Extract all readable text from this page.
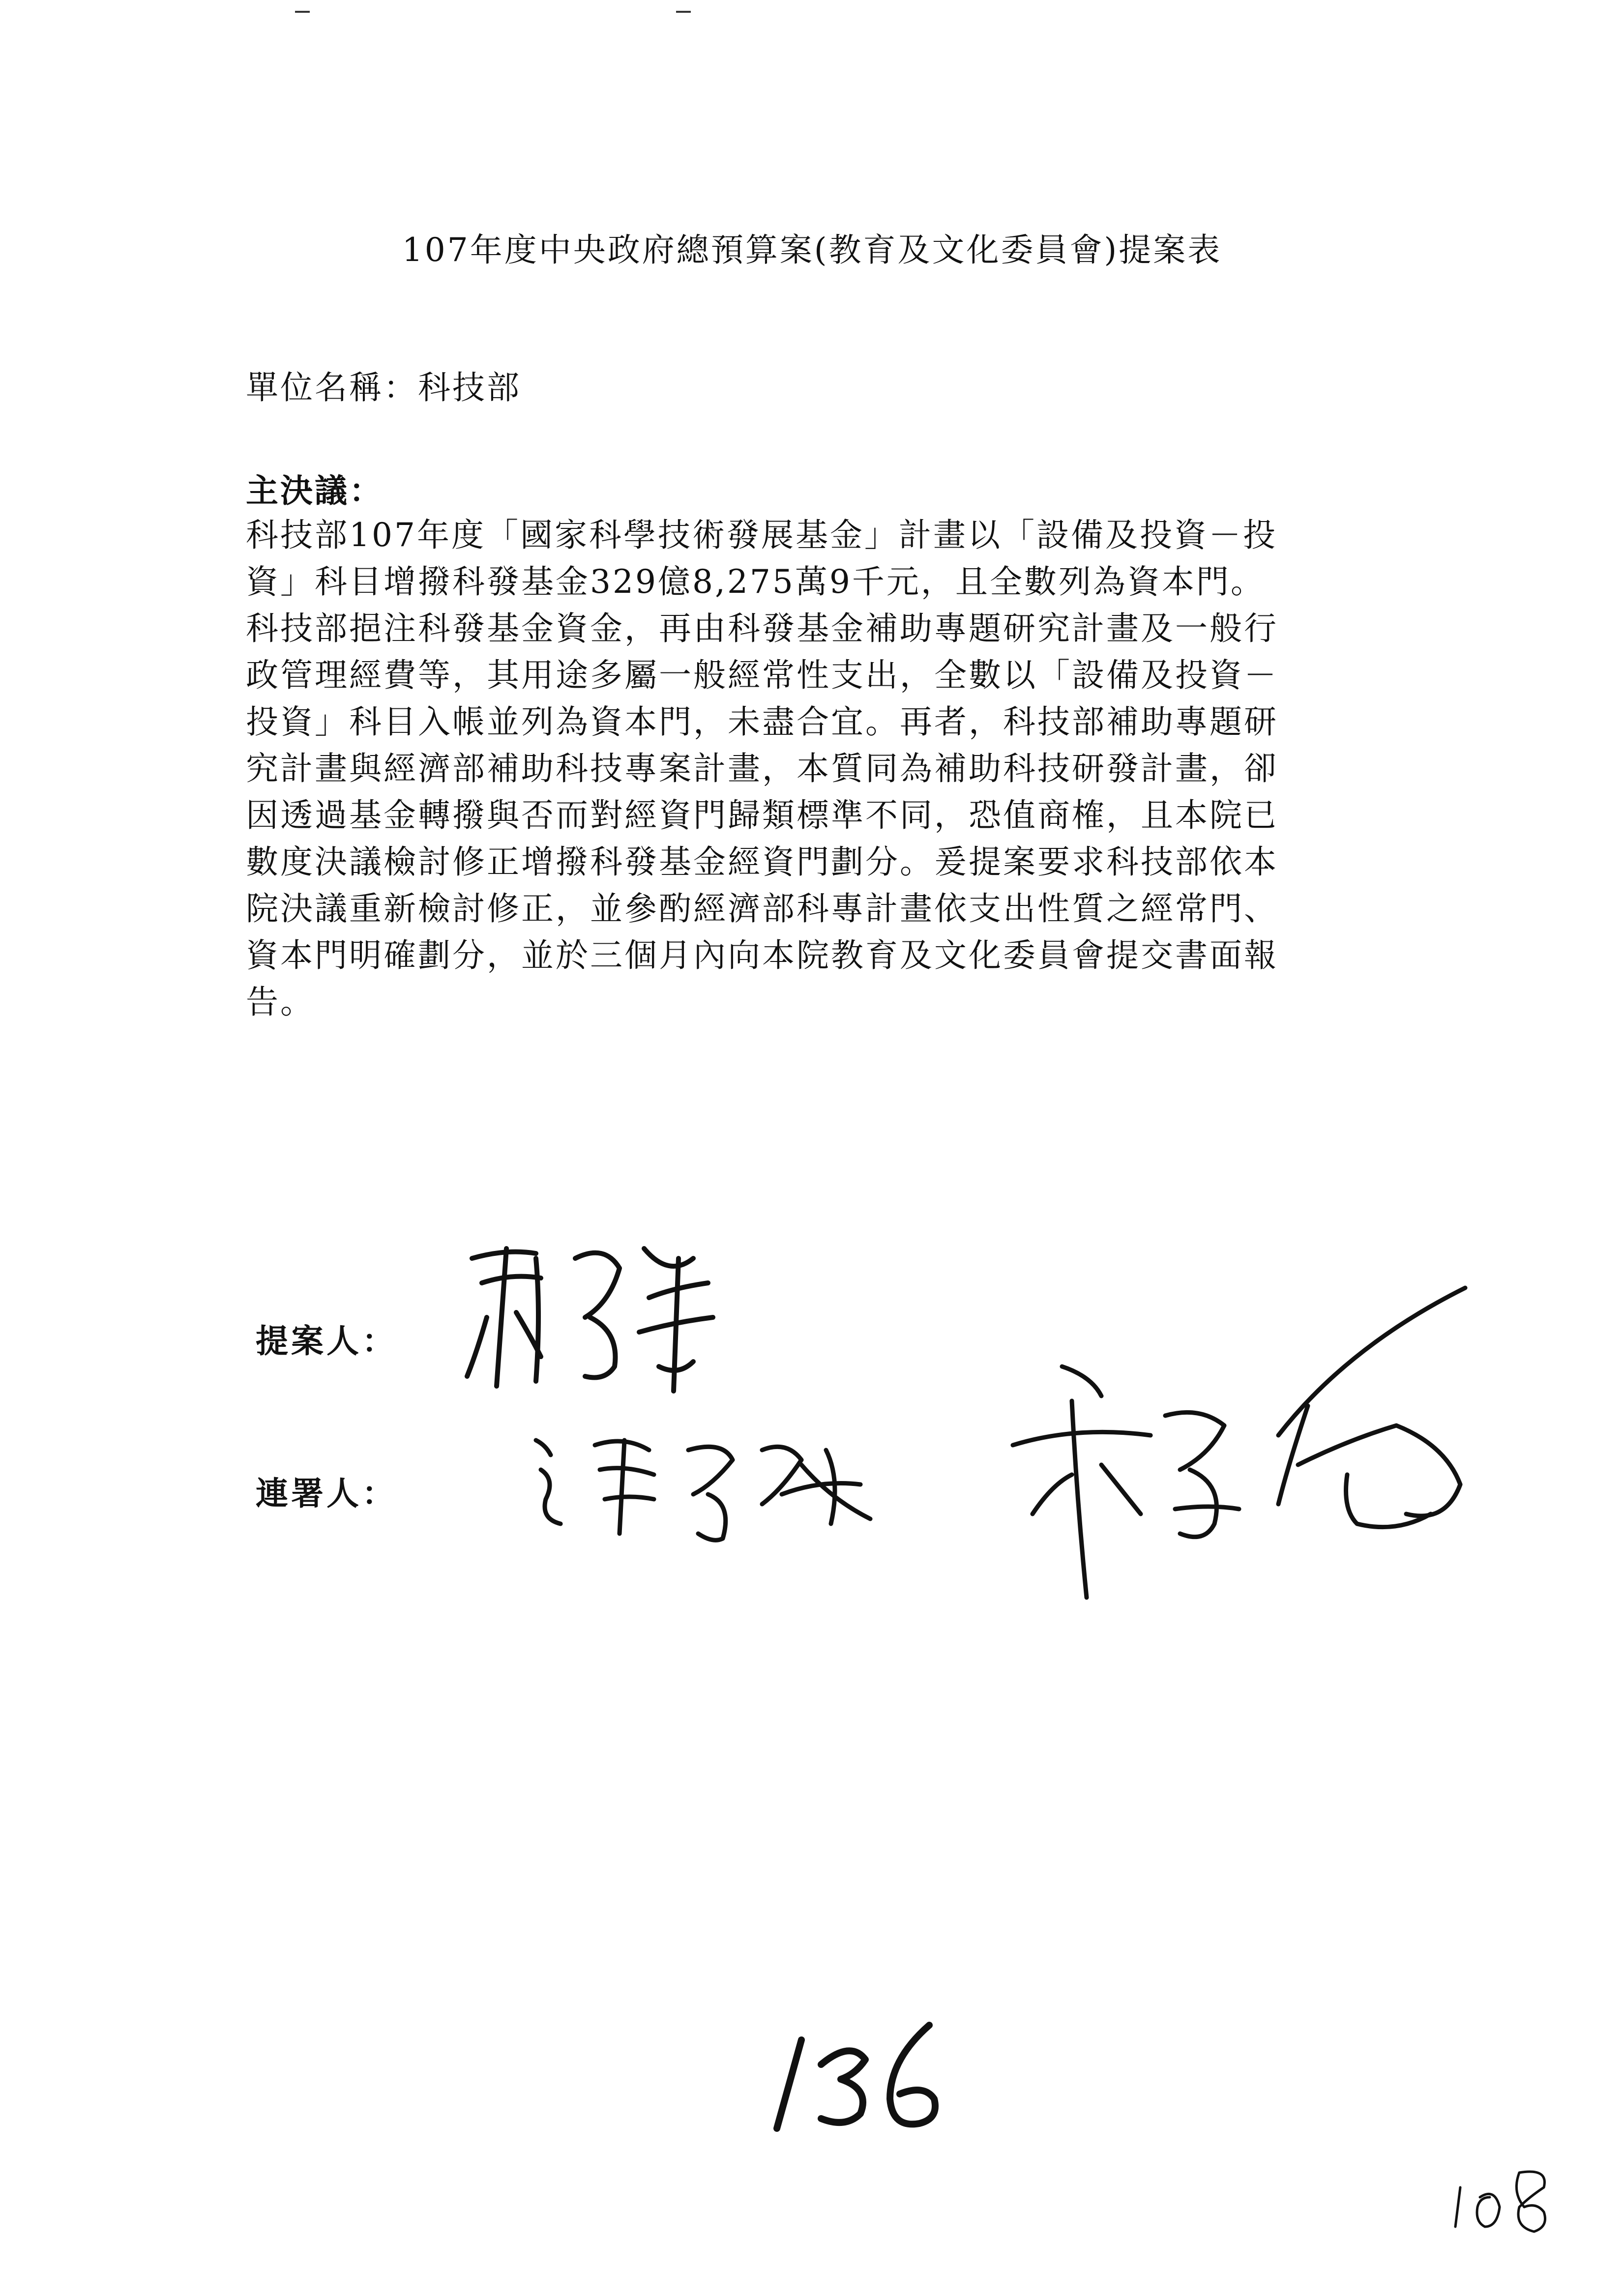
107年度中央政府總預算案(教育及文化委員會)提案表
單位名稱：科技部
主決議：
科技部107年度「國家科學技術發展基金」計畫以「設備及投資－投
資」科目增撥科發基金329億8,275萬9千元，且全數列為資本門。
科技部挹注科發基金資金，再由科發基金補助專題研究計畫及一般行
政管理經費等，其用途多屬一般經常性支出，全數以「設備及投資－
投資」科目入帳並列為資本門，未盡合宜。再者，科技部補助專題研
究計畫與經濟部補助科技專案計畫，本質同為補助科技研發計畫，卻
因透過基金轉撥與否而對經資門歸類標準不同，恐值商榷，且本院已
數度決議檢討修正增撥科發基金經資門劃分。爰提案要求科技部依本
院決議重新檢討修正，並參酌經濟部科專計畫依支出性質之經常門、
資本門明確劃分，並於三個月內向本院教育及文化委員會提交書面報
告。
提案人：
連署人：
